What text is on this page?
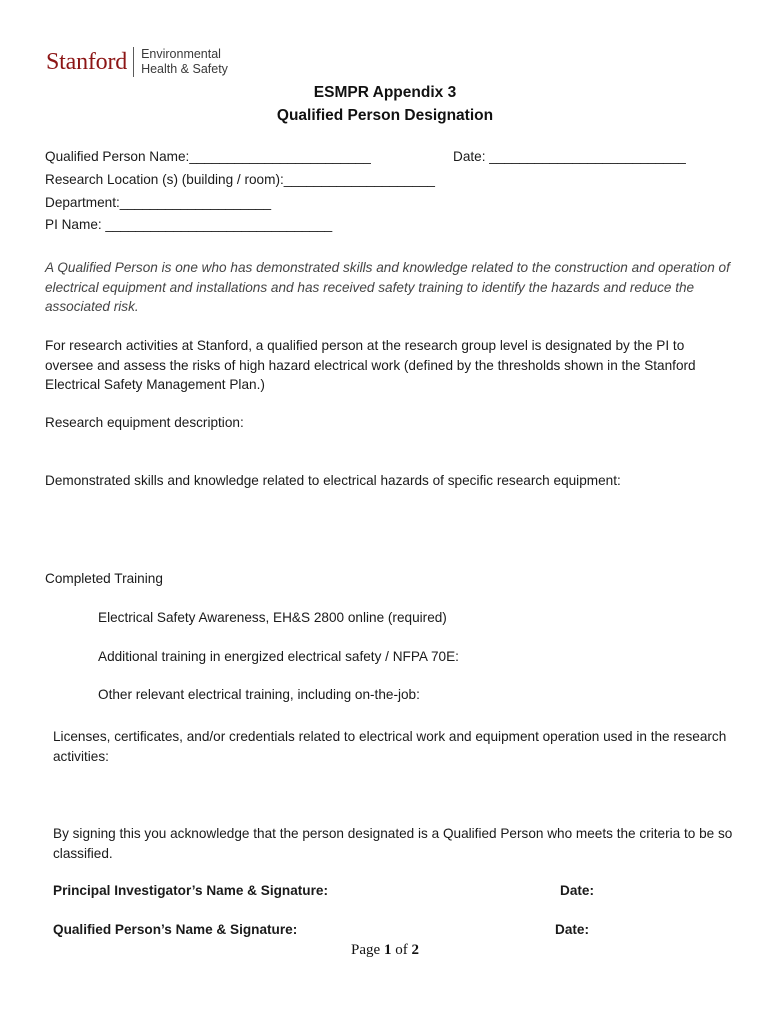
Stanford Environmental
Health & Safety
ESMPR Appendix 3
Qualified Person Designation
Qualified Person Name:________________________	Date: __________________________
Research Location (s) (building / room):____________________
Department:____________________
PI Name: ______________________________
A Qualified Person is one who has demonstrated skills and knowledge related to the construction and operation of electrical equipment and installations and has received safety training to identify the hazards and reduce the associated risk.
For research activities at Stanford, a qualified person at the research group level is designated by the PI to oversee and assess the risks of high hazard electrical work (defined by the thresholds shown in the Stanford Electrical Safety Management Plan.)
Research equipment description:
Demonstrated skills and knowledge related to electrical hazards of specific research equipment:
Completed Training
Electrical Safety Awareness, EH&S 2800 online (required)
Additional training in energized electrical safety / NFPA 70E:
Other relevant electrical training, including on-the-job:
Licenses, certificates, and/or credentials related to electrical work and equipment operation used in the research activities:
By signing this you acknowledge that the person designated is a Qualified Person who meets the criteria to be so classified.
Principal Investigator’s Name & Signature:	Date:
Qualified Person’s Name & Signature:	Date:
Page 1 of 2
